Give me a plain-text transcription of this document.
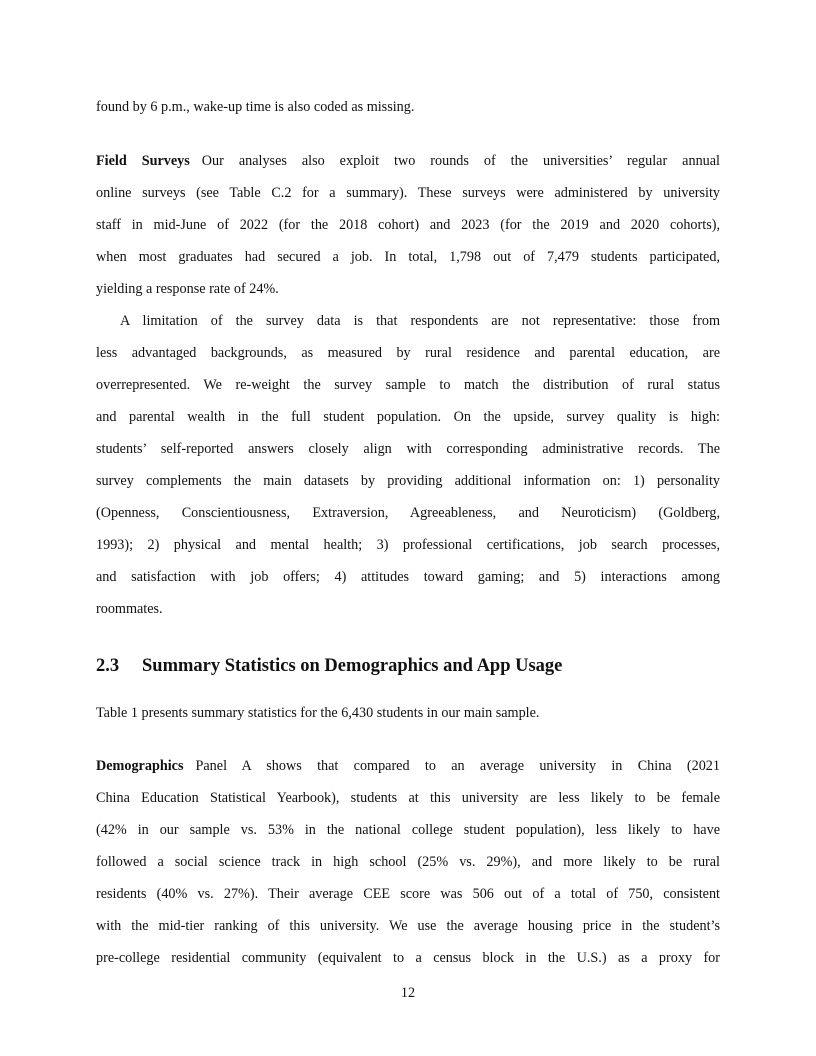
found by 6 p.m., wake-up time is also coded as missing.
Field Surveys Our analyses also exploit two rounds of the universities’ regular annual
online surveys (see Table C.2 for a summary). These surveys were administered by university
staff in mid-June of 2022 (for the 2018 cohort) and 2023 (for the 2019 and 2020 cohorts),
when most graduates had secured a job. In total, 1,798 out of 7,479 students participated,
yielding a response rate of 24%.
A limitation of the survey data is that respondents are not representative: those from
less advantaged backgrounds, as measured by rural residence and parental education, are
overrepresented. We re-weight the survey sample to match the distribution of rural status
and parental wealth in the full student population. On the upside, survey quality is high:
students’ self-reported answers closely align with corresponding administrative records. The
survey complements the main datasets by providing additional information on: 1) personality
(Openness, Conscientiousness, Extraversion, Agreeableness, and Neuroticism) (Goldberg,
1993); 2) physical and mental health; 3) professional certifications, job search processes,
and satisfaction with job offers; 4) attitudes toward gaming; and 5) interactions among
roommates.
2.3 Summary Statistics on Demographics and App Usage
Table 1 presents summary statistics for the 6,430 students in our main sample.
Demographics Panel A shows that compared to an average university in China (2021
China Education Statistical Yearbook), students at this university are less likely to be female
(42% in our sample vs. 53% in the national college student population), less likely to have
followed a social science track in high school (25% vs. 29%), and more likely to be rural
residents (40% vs. 27%). Their average CEE score was 506 out of a total of 750, consistent
with the mid-tier ranking of this university. We use the average housing price in the student’s
pre-college residential community (equivalent to a census block in the U.S.) as a proxy for
12
